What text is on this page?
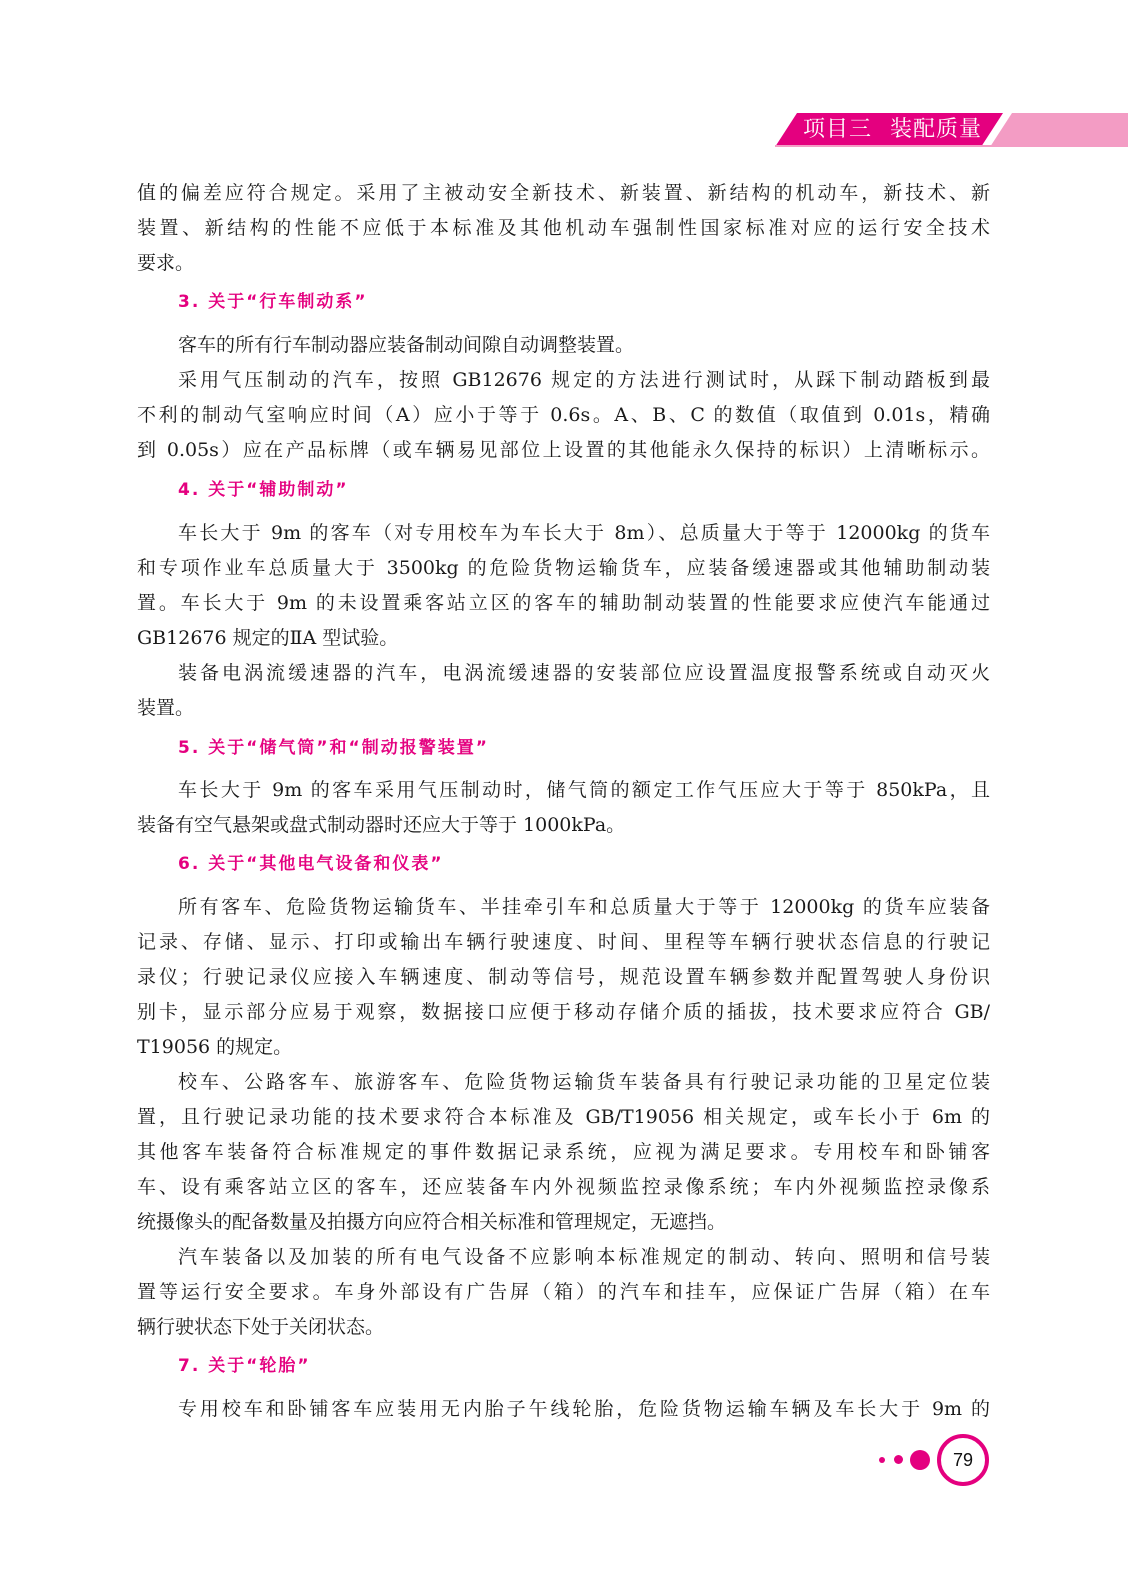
项目三 装配质量
值的偏差应符合规定。采用了主被动安全新技术、新装置、新结构的机动车，新技术、新
装置、新结构的性能不应低于本标准及其他机动车强制性国家标准对应的运行安全技术
要求。
3. 关于“行车制动系”
客车的所有行车制动器应装备制动间隙自动调整装置。
采用气压制动的汽车，按照 GB12676 规定的方法进行测试时，从踩下制动踏板到最
不利的制动气室响应时间（A）应小于等于 0.6s。A、B、C 的数值（取值到 0.01s，精确
到 0.05s）应在产品标牌（或车辆易见部位上设置的其他能永久保持的标识）上清晰标示。
4. 关于“辅助制动”
车长大于 9m 的客车（对专用校车为车长大于 8m）、总质量大于等于 12000kg 的货车
和专项作业车总质量大于 3500kg 的危险货物运输货车，应装备缓速器或其他辅助制动装
置。车长大于 9m 的未设置乘客站立区的客车的辅助制动装置的性能要求应使汽车能通过
GB12676 规定的ⅡA 型试验。
装备电涡流缓速器的汽车，电涡流缓速器的安装部位应设置温度报警系统或自动灭火
装置。
5. 关于“储气筒”和“制动报警装置”
车长大于 9m 的客车采用气压制动时，储气筒的额定工作气压应大于等于 850kPa，且
装备有空气悬架或盘式制动器时还应大于等于 1000kPa。
6. 关于“其他电气设备和仪表”
所有客车、危险货物运输货车、半挂牵引车和总质量大于等于 12000kg 的货车应装备
记录、存储、显示、打印或输出车辆行驶速度、时间、里程等车辆行驶状态信息的行驶记
录仪；行驶记录仪应接入车辆速度、制动等信号，规范设置车辆参数并配置驾驶人身份识
别卡，显示部分应易于观察，数据接口应便于移动存储介质的插拔，技术要求应符合 GB/
T19056 的规定。
校车、公路客车、旅游客车、危险货物运输货车装备具有行驶记录功能的卫星定位装
置，且行驶记录功能的技术要求符合本标准及 GB/T19056 相关规定，或车长小于 6m 的
其他客车装备符合标准规定的事件数据记录系统，应视为满足要求。专用校车和卧铺客
车、设有乘客站立区的客车，还应装备车内外视频监控录像系统；车内外视频监控录像系
统摄像头的配备数量及拍摄方向应符合相关标准和管理规定，无遮挡。
汽车装备以及加装的所有电气设备不应影响本标准规定的制动、转向、照明和信号装
置等运行安全要求。车身外部设有广告屏（箱）的汽车和挂车，应保证广告屏（箱）在车
辆行驶状态下处于关闭状态。
7. 关于“轮胎”
专用校车和卧铺客车应装用无内胎子午线轮胎，危险货物运输车辆及车长大于 9m 的
79
